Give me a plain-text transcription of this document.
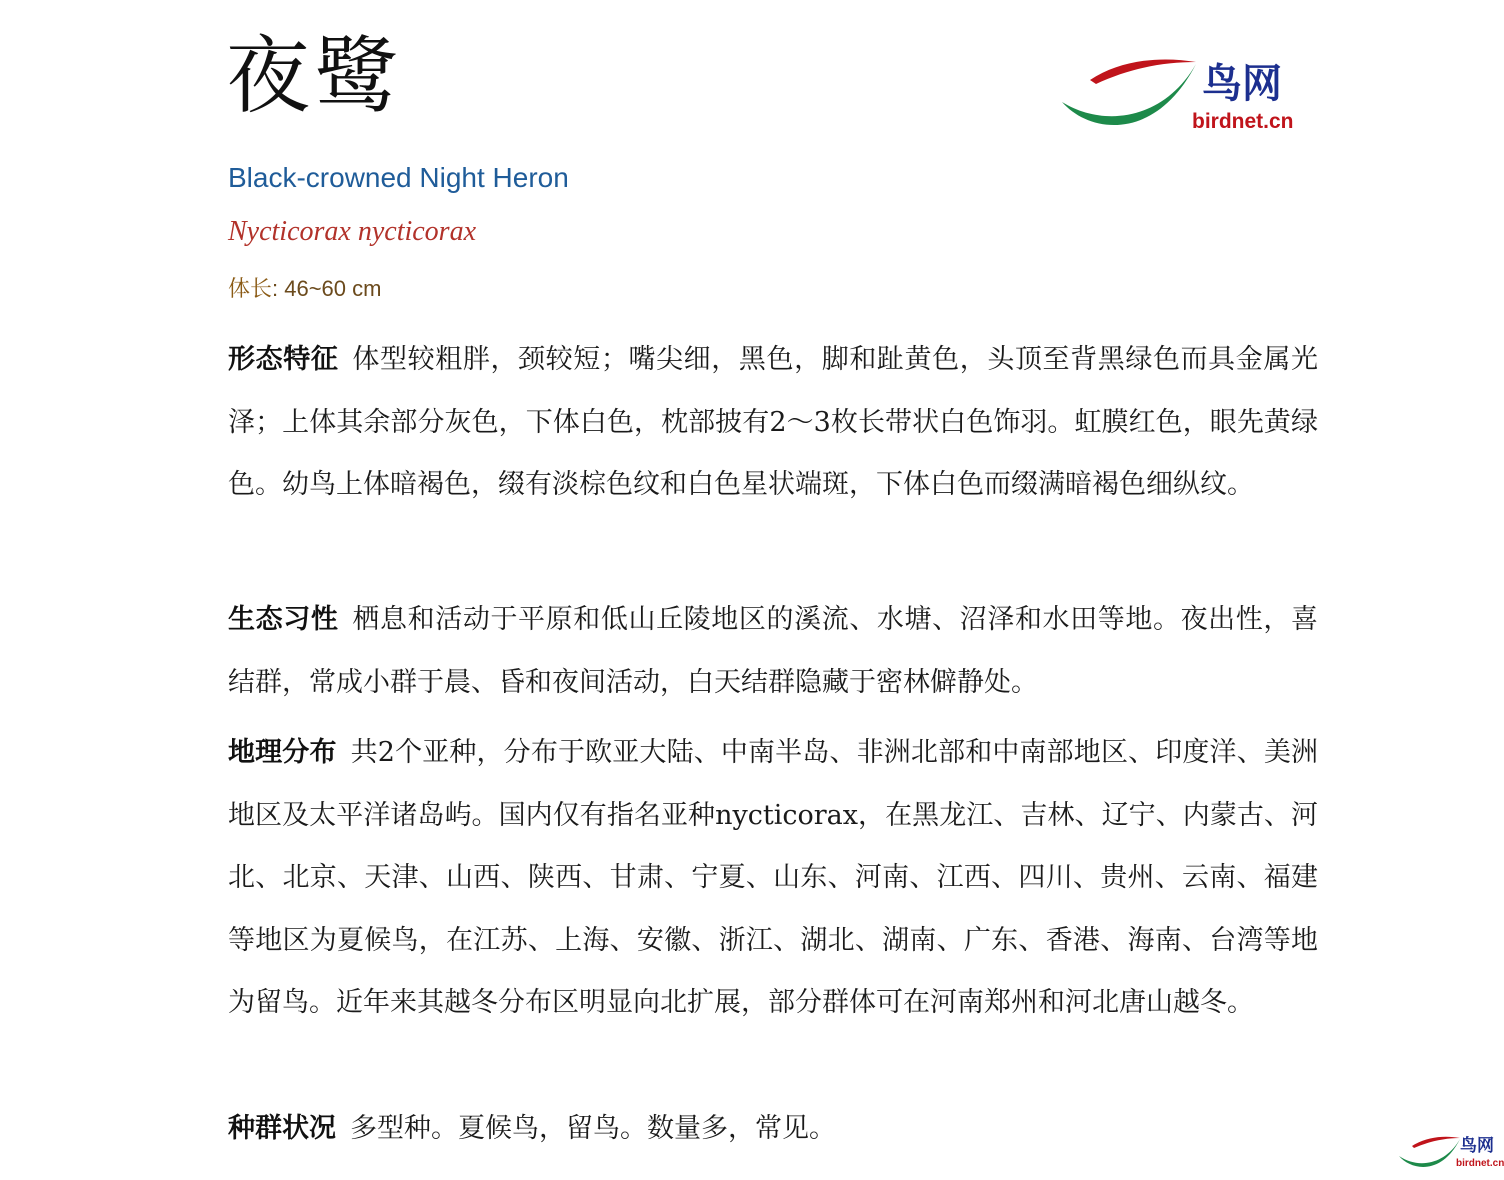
夜鹭	鸟网
birdnet.cn
Black-crowned Night Heron
Nycticorax nycticorax
体长: 46~60 cm
形态特征 体型较粗胖，颈较短；嘴尖细，黑色，脚和趾黄色，头顶至背黑绿色而具金属光泽；上体其余部分灰色，下体白色，枕部披有2～3枚长带状白色饰羽。虹膜红色，眼先黄绿色。幼鸟上体暗褐色，缀有淡棕色纹和白色星状端斑，下体白色而缀满暗褐色细纵纹。
生态习性 栖息和活动于平原和低山丘陵地区的溪流、水塘、沼泽和水田等地。夜出性，喜结群，常成小群于晨、昏和夜间活动，白天结群隐藏于密林僻静处。
地理分布 共2个亚种，分布于欧亚大陆、中南半岛、非洲北部和中南部地区、印度洋、美洲地区及太平洋诸岛屿。国内仅有指名亚种nycticorax，在黑龙江、吉林、辽宁、内蒙古、河北、北京、天津、山西、陕西、甘肃、宁夏、山东、河南、江西、四川、贵州、云南、福建等地区为夏候鸟，在江苏、上海、安徽、浙江、湖北、湖南、广东、香港、海南、台湾等地为留鸟。近年来其越冬分布区明显向北扩展，部分群体可在河南郑州和河北唐山越冬。
种群状况 多型种。夏候鸟，留鸟。数量多，常见。
鸟网
birdnet.cn
